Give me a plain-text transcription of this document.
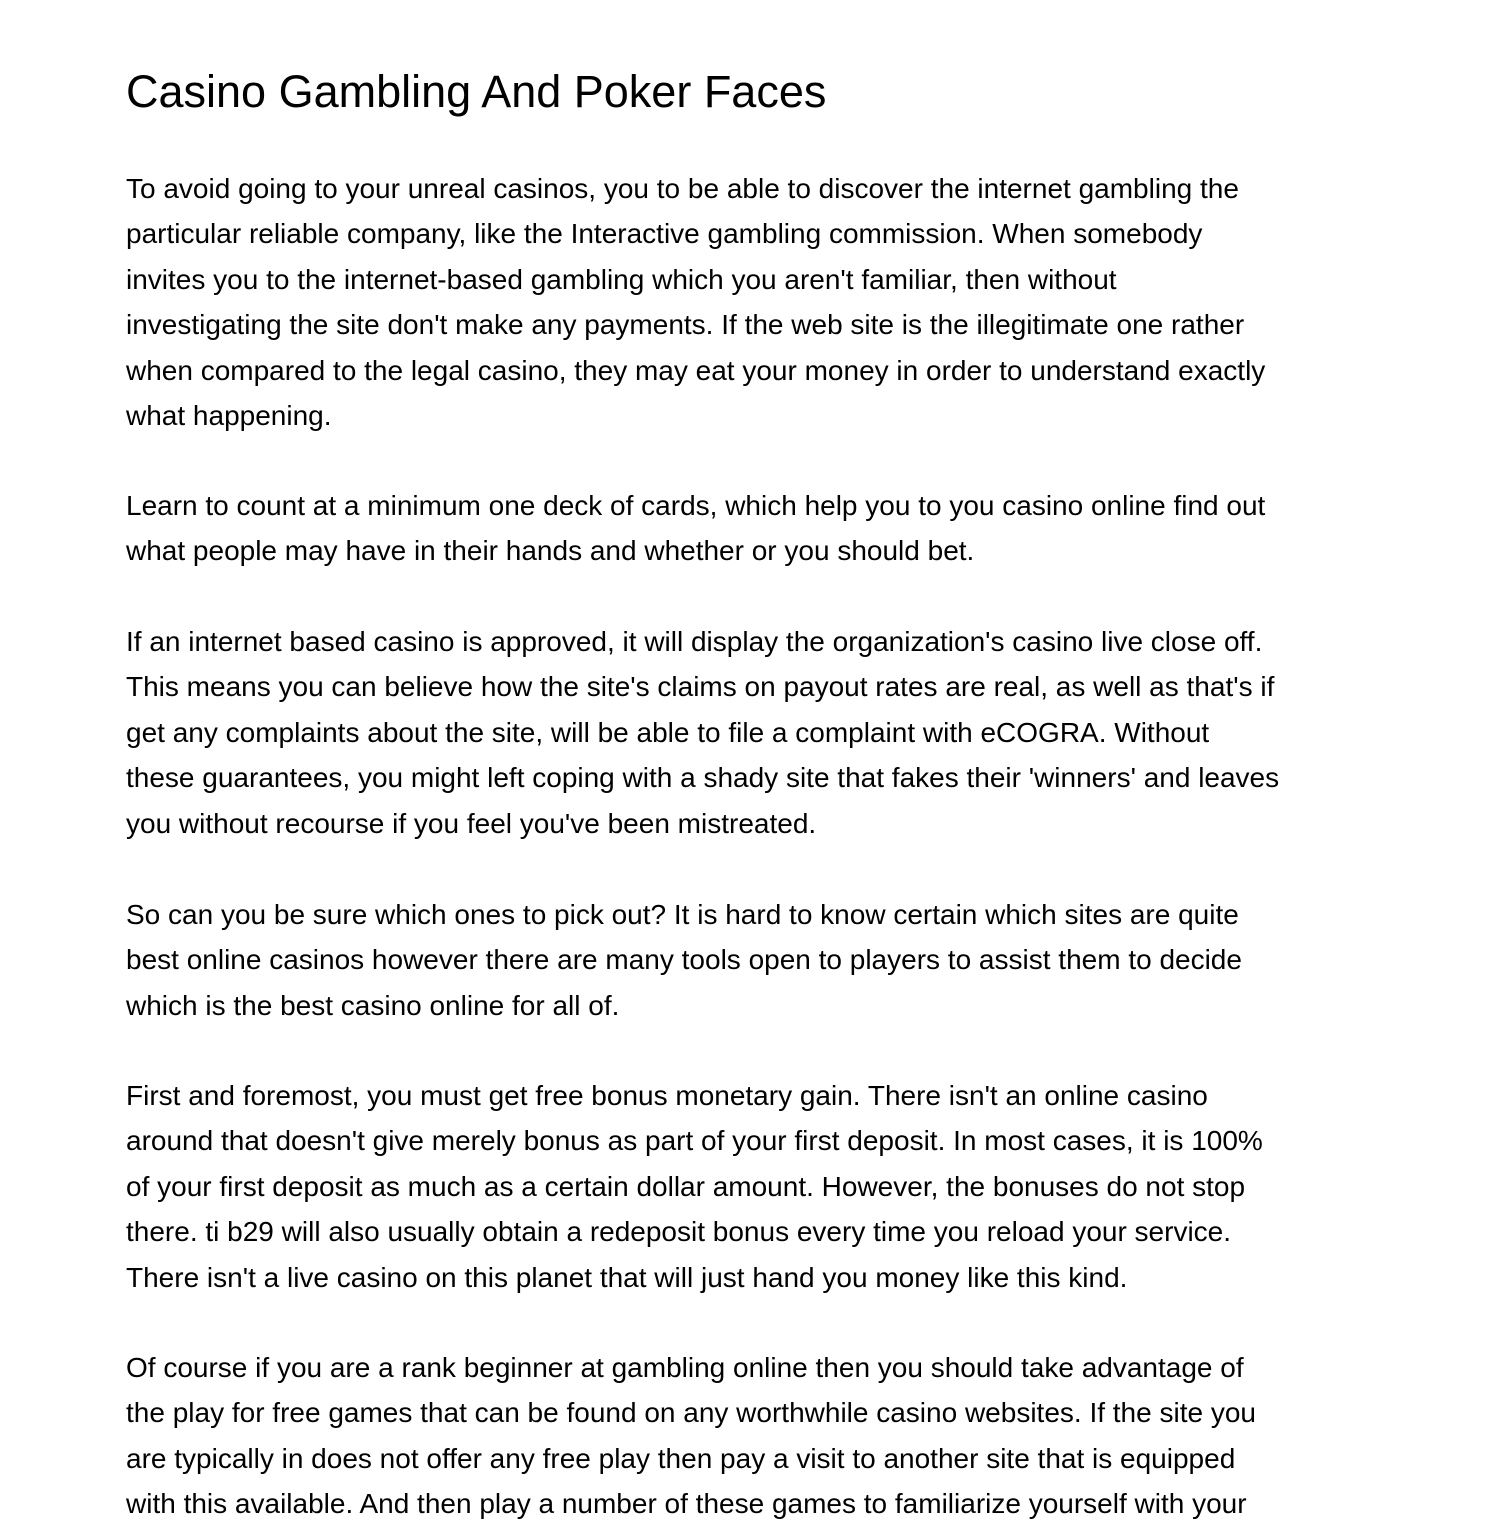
Casino Gambling And Poker Faces
To avoid going to your unreal casinos, you to be able to discover the internet gambling the
particular reliable company, like the Interactive gambling commission. When somebody
invites you to the internet-based gambling which you aren't familiar, then without
investigating the site don't make any payments. If the web site is the illegitimate one rather
when compared to the legal casino, they may eat your money in order to understand exactly
what happening.
Learn to count at a minimum one deck of cards, which help you to you casino online find out
what people may have in their hands and whether or you should bet.
If an internet based casino is approved, it will display the organization's casino live close off.
This means you can believe how the site's claims on payout rates are real, as well as that's if
get any complaints about the site, will be able to file a complaint with eCOGRA. Without
these guarantees, you might left coping with a shady site that fakes their 'winners' and leaves
you without recourse if you feel you've been mistreated.
So can you be sure which ones to pick out? It is hard to know certain which sites are quite
best online casinos however there are many tools open to players to assist them to decide
which is the best casino online for all of.
First and foremost, you must get free bonus monetary gain. There isn't an online casino
around that doesn't give merely bonus as part of your first deposit. In most cases, it is 100%
of your first deposit as much as a certain dollar amount. However, the bonuses do not stop
there. ti b29 will also usually obtain a redeposit bonus every time you reload your service.
There isn't a live casino on this planet that will just hand you money like this kind.
Of course if you are a rank beginner at gambling online then you should take advantage of
the play for free games that can be found on any worthwhile casino websites. If the site you
are typically in does not offer any free play then pay a visit to another site that is equipped
with this available. And then play a number of these games to familiarize yourself with your
